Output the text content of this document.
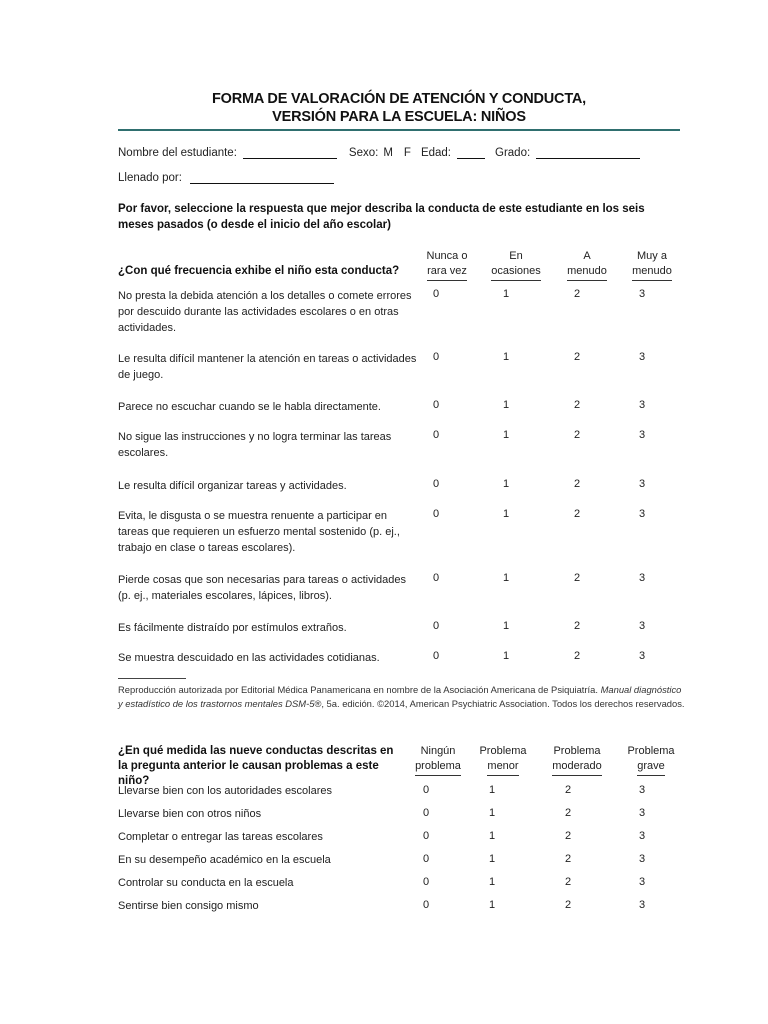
FORMA DE VALORACIÓN DE ATENCIÓN Y CONDUCTA,
VERSIÓN PARA LA ESCUELA: NIÑOS
Nombre del estudiante:	Sexo: M F Edad:	Grado:
Llenado por:
Por favor, seleccione la respuesta que mejor describa la conducta de este estudiante en los seis meses pasados (o desde el inicio del año escolar)
¿Con qué frecuencia exhibe el niño esta conducta?
Nunca o
rara vez
En
ocasiones
A
menudo
Muy a
menudo
No presta la debida atención a los detalles o comete errores por descuido durante las actividades escolares o en otras actividades.
0	1	2	3
Le resulta difícil mantener la atención en tareas o actividades de juego.
0	1	2	3
Parece no escuchar cuando se le habla directamente.	0	1	2	3
No sigue las instrucciones y no logra terminar las tareas escolares.
0	1	2	3
Le resulta difícil organizar tareas y actividades.	0	1	2	3
Evita, le disgusta o se muestra renuente a participar en tareas que requieren un esfuerzo mental sostenido (p. ej., trabajo en clase o tareas escolares).
0	1	2	3
Pierde cosas que son necesarias para tareas o actividades (p. ej., materiales escolares, lápices, libros).
0	1	2	3
Es fácilmente distraído por estímulos extraños.	0	1	2	3
Se muestra descuidado en las actividades cotidianas.	0	1	2	3
Reproducción autorizada por Editorial Médica Panamericana en nombre de la Asociación Americana de Psiquiatría. Manual diagnóstico y estadístico de los trastornos mentales DSM-5®, 5a. edición. ©2014, American Psychiatric Association. Todos los derechos reservados.
¿En qué medida las nueve conductas descritas en la pregunta anterior le causan problemas a este niño?
Ningún
problema
Problema
menor
Problema
moderado
Problema
grave
Llevarse bien con los autoridades escolares	0	1	2	3
Llevarse bien con otros niños	0	1	2	3
Completar o entregar las tareas escolares	0	1	2	3
En su desempeño académico en la escuela	0	1	2	3
Controlar su conducta en la escuela	0	1	2	3
Sentirse bien consigo mismo	0	1	2	3
